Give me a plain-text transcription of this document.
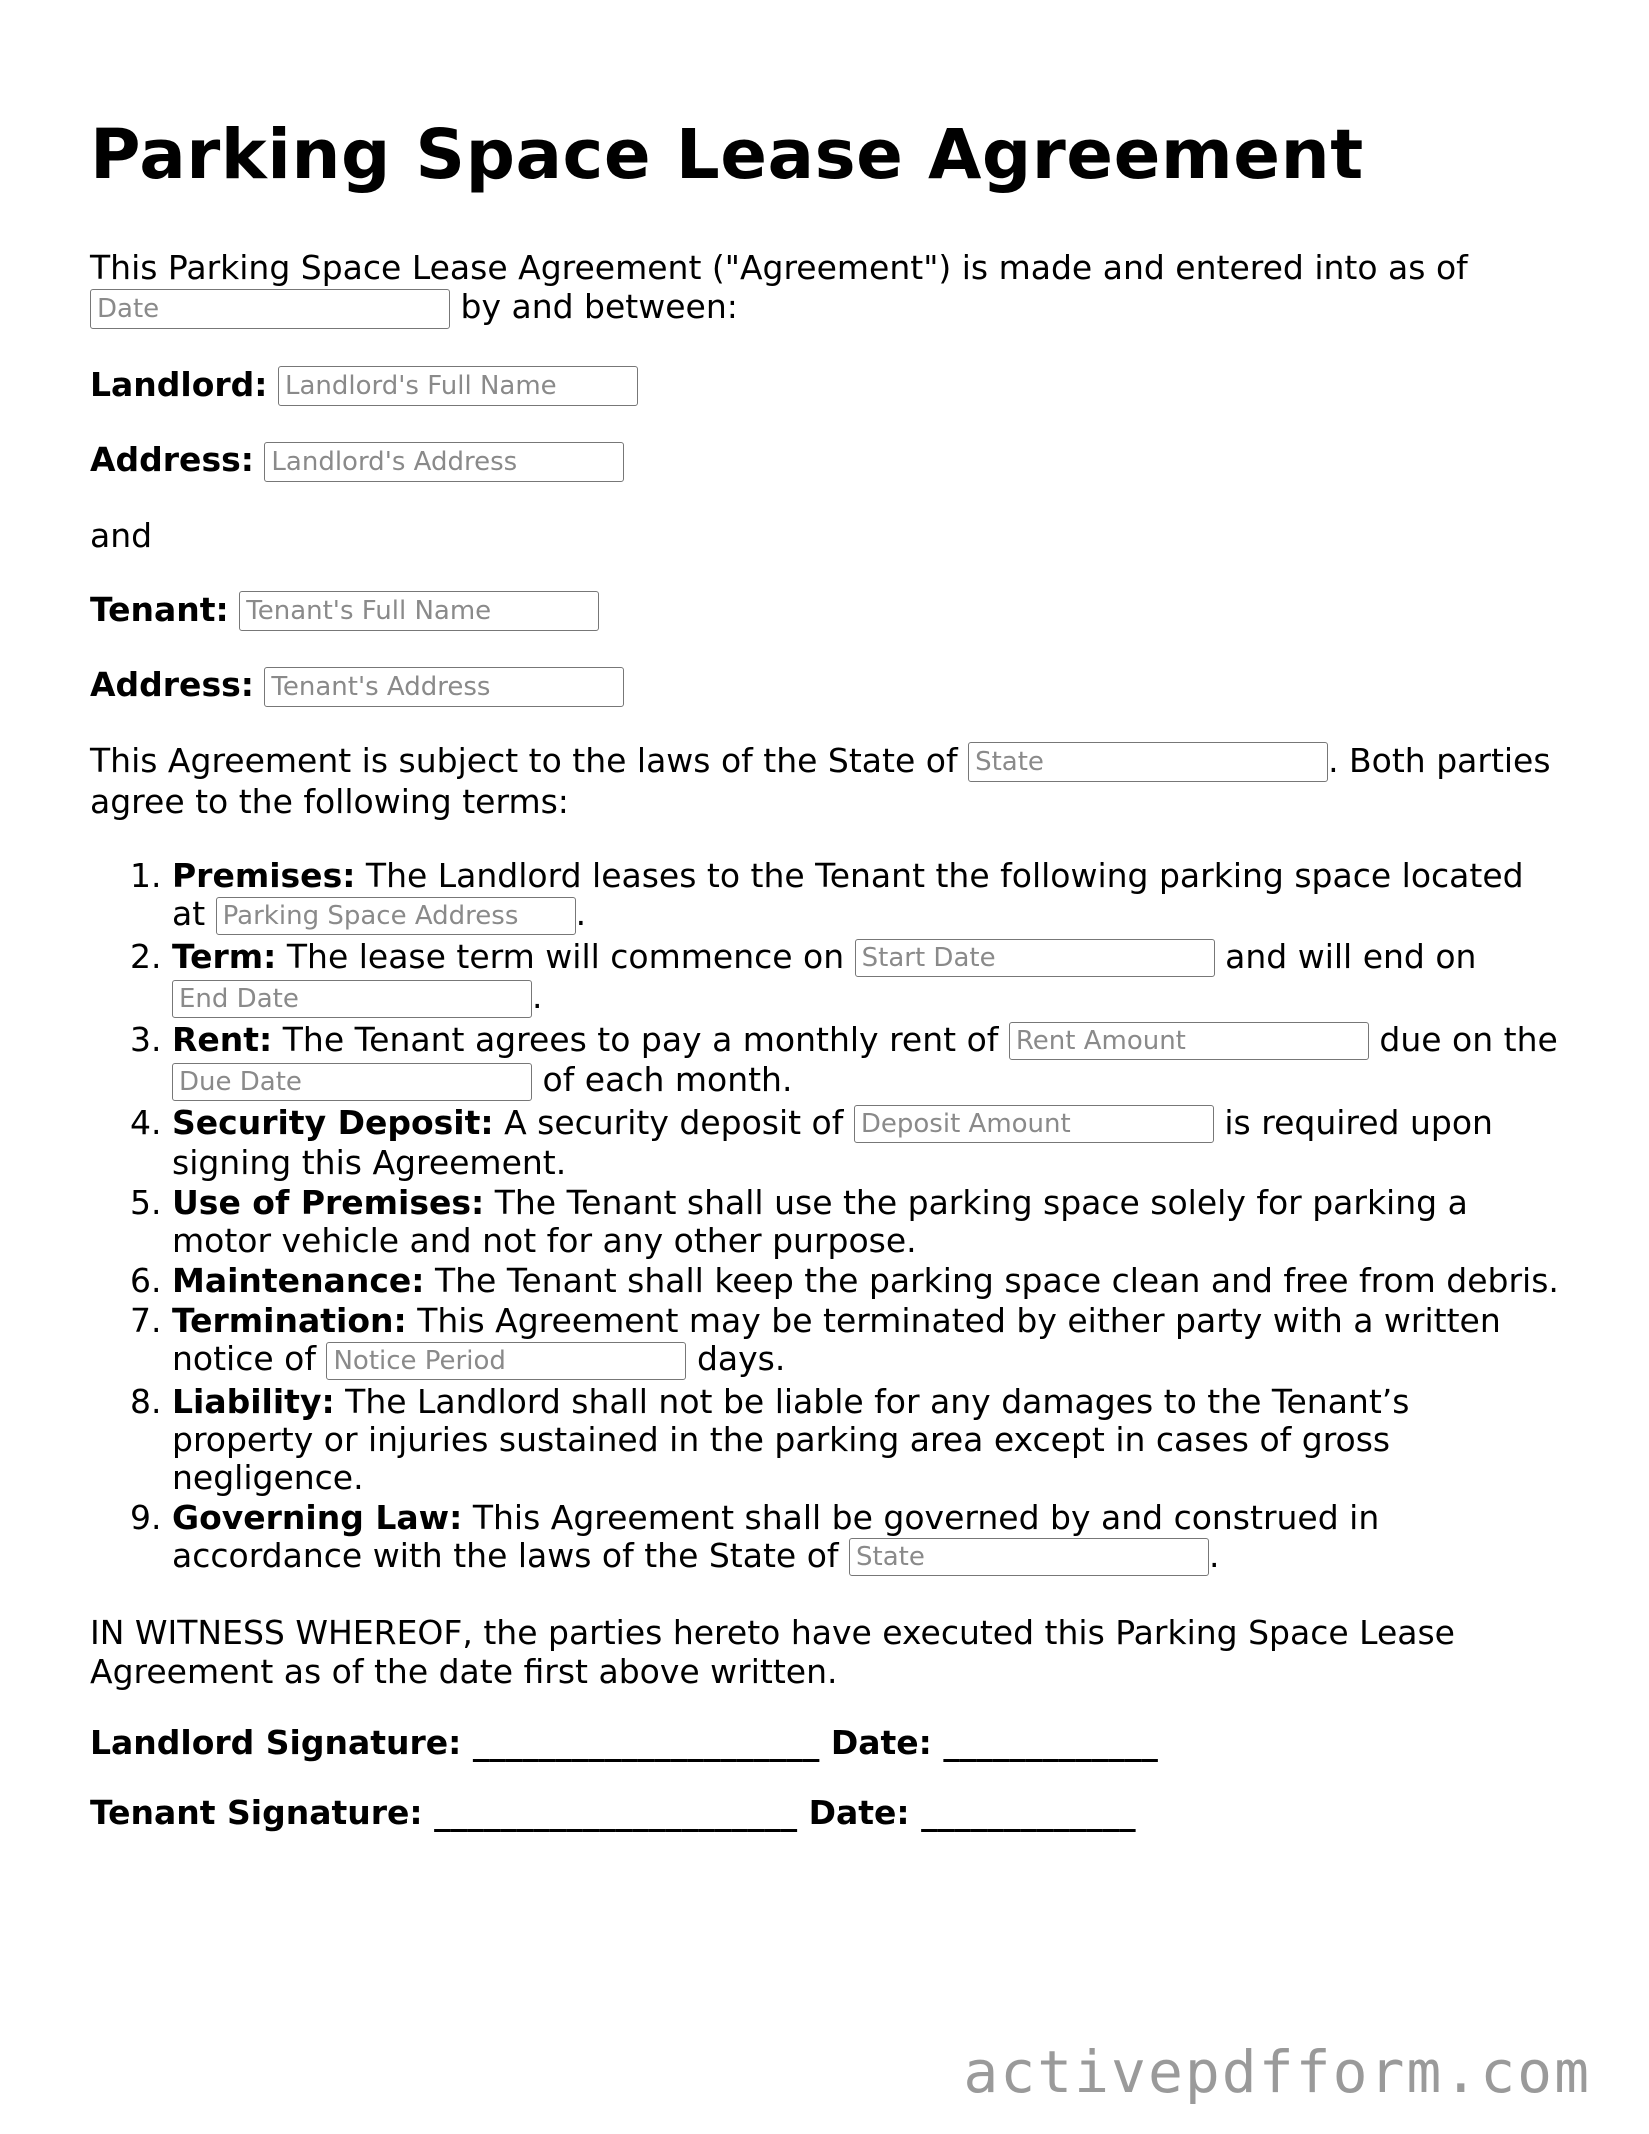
Parking Space Lease Agreement

This Parking Space Lease Agreement ("Agreement") is made and entered into as of Date by and between:

Landlord: Landlord's Full Name
Address: Landlord's Address
and
Tenant: Tenant's Full Name
Address: Tenant's Address

This Agreement is subject to the laws of the State of State	. Both parties agree to the following terms:

1. Premises: The Landlord leases to the Tenant the following parking space located at Parking Space Address	.
2. Term: The lease term will commence on Start Date	and will end on End Date.
3. Rent: The Tenant agrees to pay a monthly rent of Rent Amount	due on the Due Date of each month.
4. Security Deposit: A security deposit of Deposit Amount	is required upon signing this Agreement.
5. Use of Premises: The Tenant shall use the parking space solely for parking a motor vehicle and not for any other purpose.
6. Maintenance: The Tenant shall keep the parking space clean and free from debris.
7. Termination: This Agreement may be terminated by either party with a written notice of Notice Period	days.
8. Liability: The Landlord shall not be liable for any damages to the Tenant’s property or injuries sustained in the parking area except in cases of gross negligence.
9. Governing Law: This Agreement shall be governed by and construed in accordance with the laws of the State of State	.

IN WITNESS WHEREOF, the parties hereto have executed this Parking Space Lease Agreement as of the date first above written.

Landlord Signature: _____________________ Date: _____________
Tenant Signature: ______________________ Date: _____________
activepdfform.com
